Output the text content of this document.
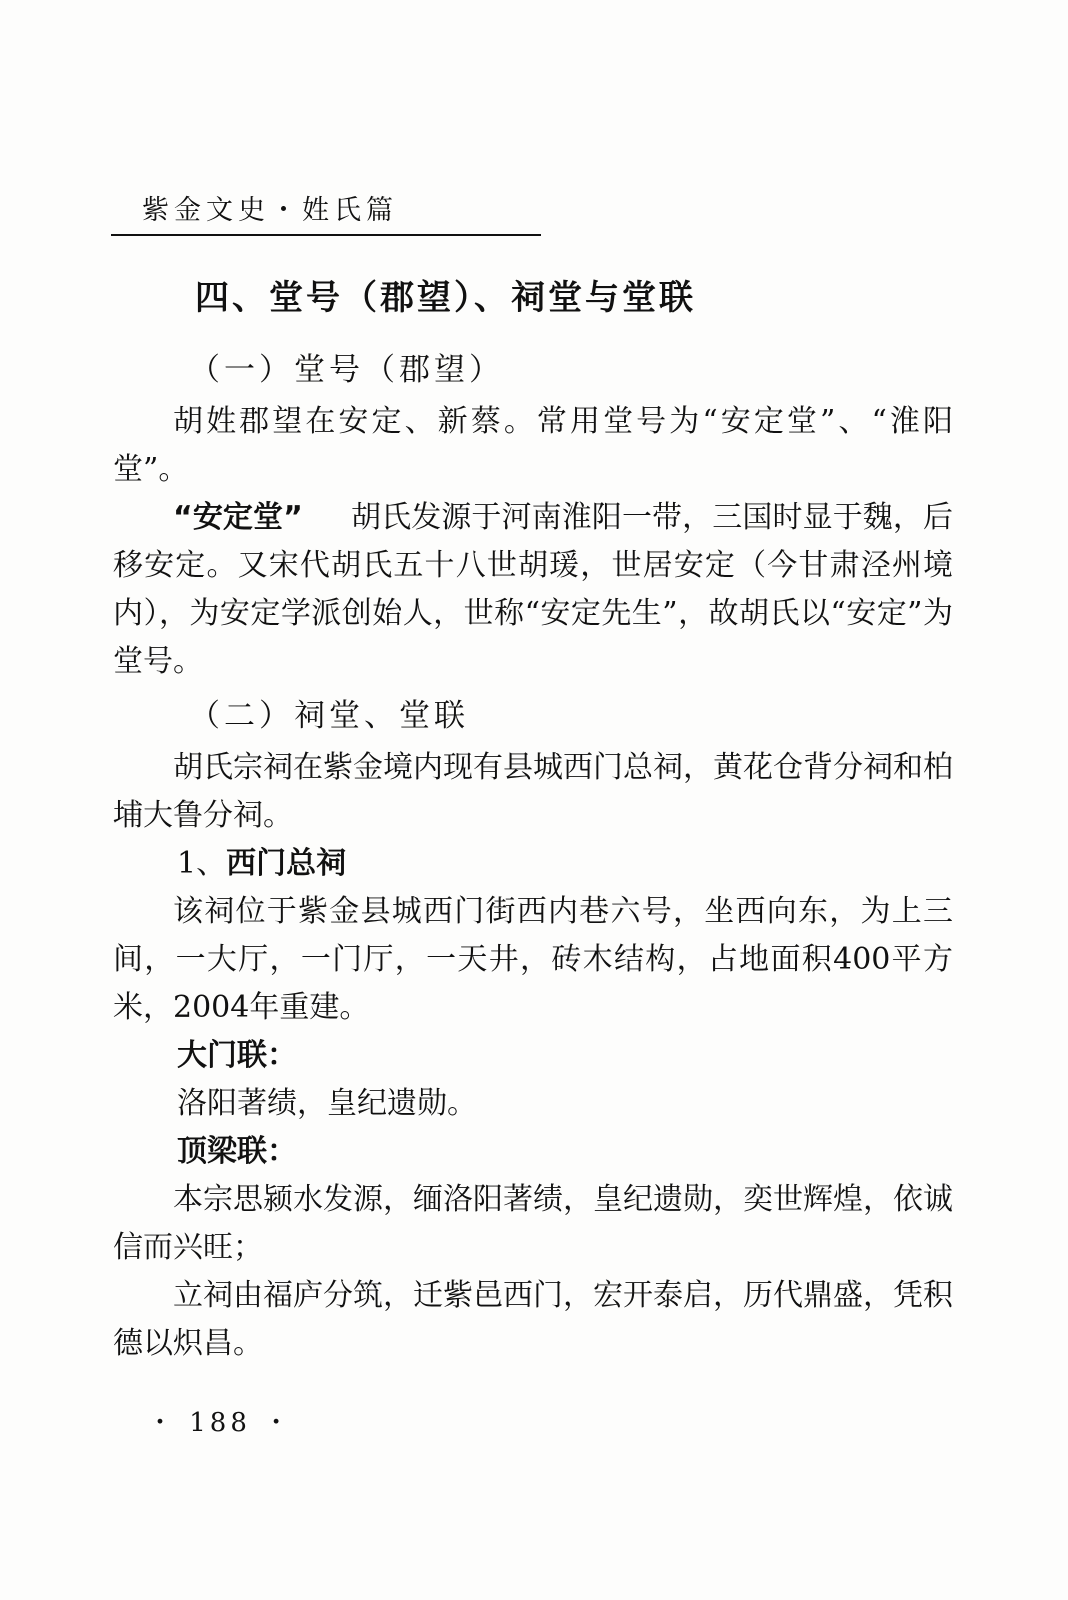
紫金文史・姓氏篇
四、堂号（郡望）、祠堂与堂联
（一）堂号（郡望）

胡姓郡望在安定、新蔡。常用堂号为“安定堂”、“淮阳堂”。

“安定堂” 胡氏发源于河南淮阳一带，三国时显于魏，后移安定。又宋代胡氏五十八世胡瑗，世居安定（今甘肃泾州境内），为安定学派创始人，世称“安定先生”，故胡氏以“安定”为堂号。

（二）祠堂、堂联

胡氏宗祠在紫金境内现有县城西门总祠，黄花仓背分祠和柏埔大鲁分祠。

1、西门总祠

该祠位于紫金县城西门街西内巷六号，坐西向东，为上三间，一大厅，一门厅，一天井，砖木结构，占地面积400平方米，2004年重建。

大门联：

洛阳著绩，皇纪遗勋。

顶梁联：

本宗思颍水发源，缅洛阳著绩，皇纪遗勋，奕世辉煌，依诚信而兴旺；

立祠由福庐分筑，迁紫邑西门，宏开泰启，历代鼎盛，凭积德以炽昌。

・ 188 ・
